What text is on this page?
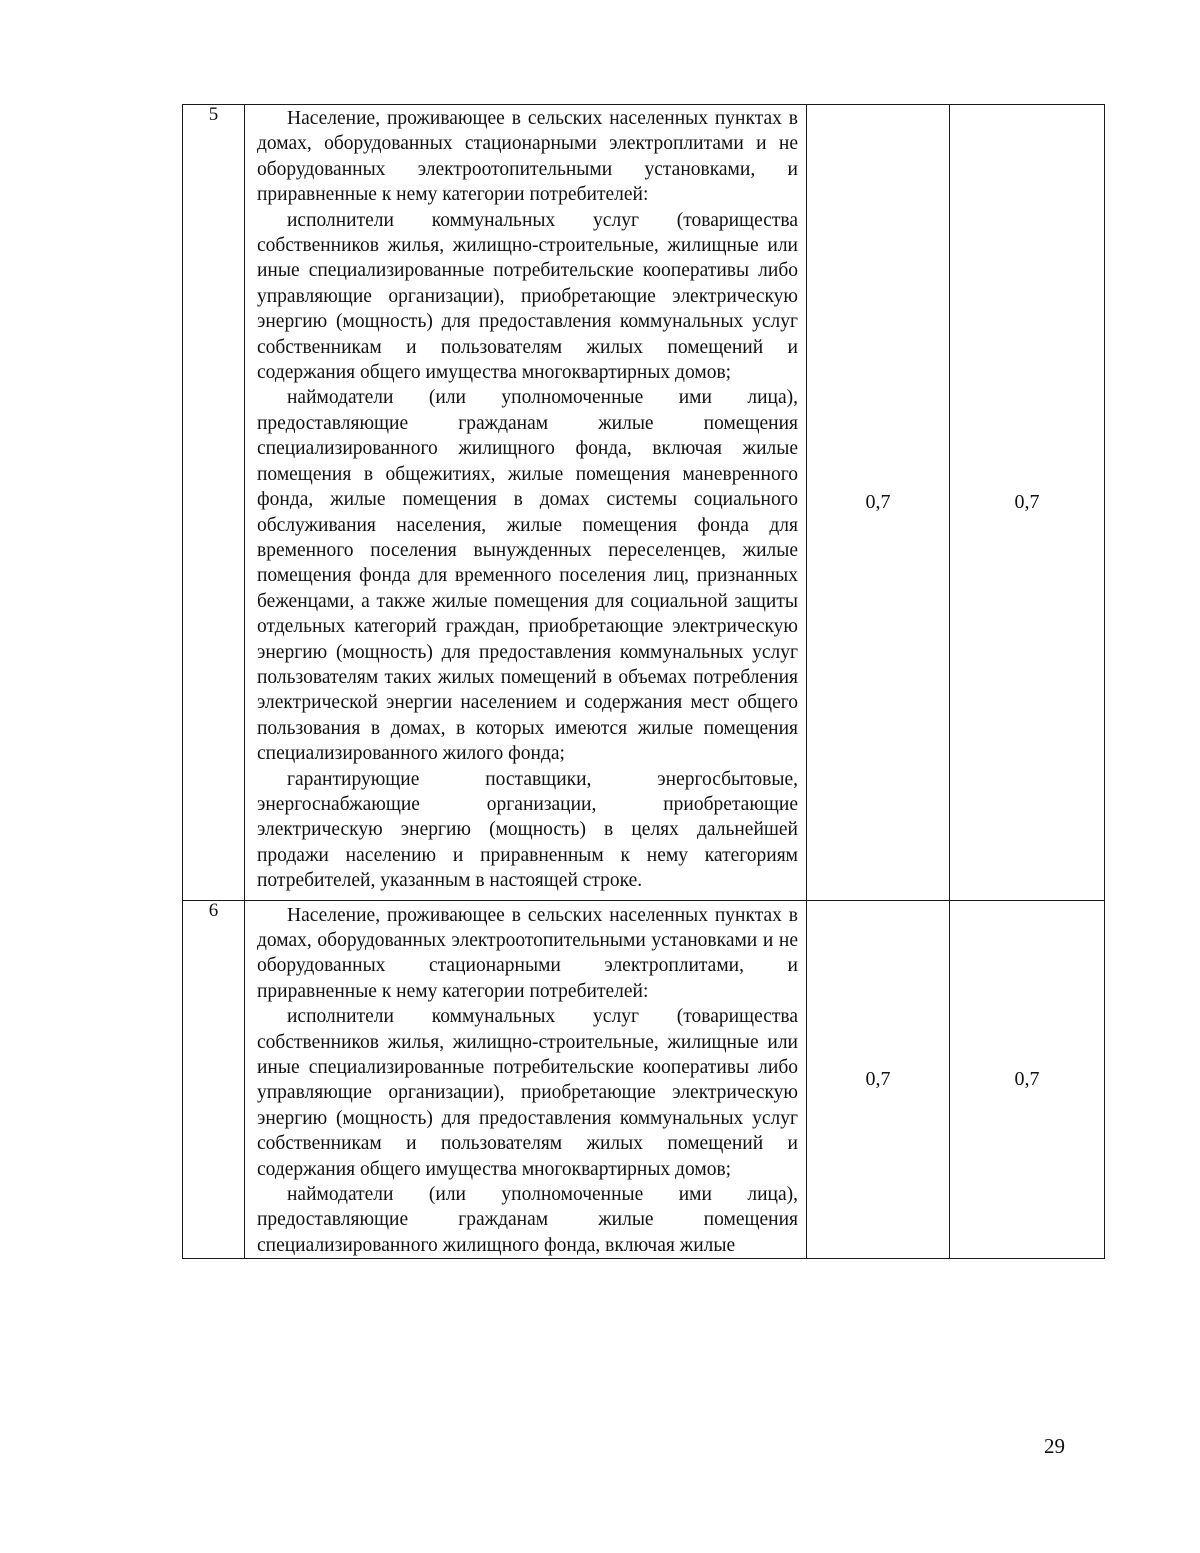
5	Население, проживающее в сельских населенных пунктах в домах, оборудованных стационарными электроплитами и не оборудованных электроотопительными установками, и приравненные к нему категории потребителей:

исполнители коммунальных услуг (товарищества собственников жилья, жилищно-строительные, жилищные или иные специализированные потребительские кооперативы либо управляющие организации), приобретающие электрическую энергию (мощность) для предоставления коммунальных услуг собственникам и пользователям жилых помещений и содержания общего имущества многоквартирных домов;

наймодатели (или уполномоченные ими лица), предоставляющие гражданам жилые помещения специализированного жилищного фонда, включая жилые помещения в общежитиях, жилые помещения маневренного фонда, жилые помещения в домах системы социального обслуживания населения, жилые помещения фонда для временного поселения вынужденных переселенцев, жилые помещения фонда для временного поселения лиц, признанных беженцами, а также жилые помещения для социальной защиты отдельных категорий граждан, приобретающие электрическую энергию (мощность) для предоставления коммунальных услуг пользователям таких жилых помещений в объемах потребления электрической энергии населением и содержания мест общего пользования в домах, в которых имеются жилые помещения специализированного жилого фонда;

гарантирующие поставщики, энергосбытовые, энергоснабжающие организации, приобретающие электрическую энергию (мощность) в целях дальнейшей продажи населению и приравненным к нему категориям потребителей, указанным в настоящей строке.	0,7	0,7
6	Население, проживающее в сельских населенных пунктах в домах, оборудованных электроотопительными установками и не оборудованных стационарными электроплитами, и приравненные к нему категории потребителей:

исполнители коммунальных услуг (товарищества собственников жилья, жилищно-строительные, жилищные или иные специализированные потребительские кооперативы либо управляющие организации), приобретающие электрическую энергию (мощность) для предоставления коммунальных услуг собственникам и пользователям жилых помещений и содержания общего имущества многоквартирных домов;

наймодатели (или уполномоченные ими лица), предоставляющие гражданам жилые помещения специализированного жилищного фонда, включая жилые	0,7	0,7
29
